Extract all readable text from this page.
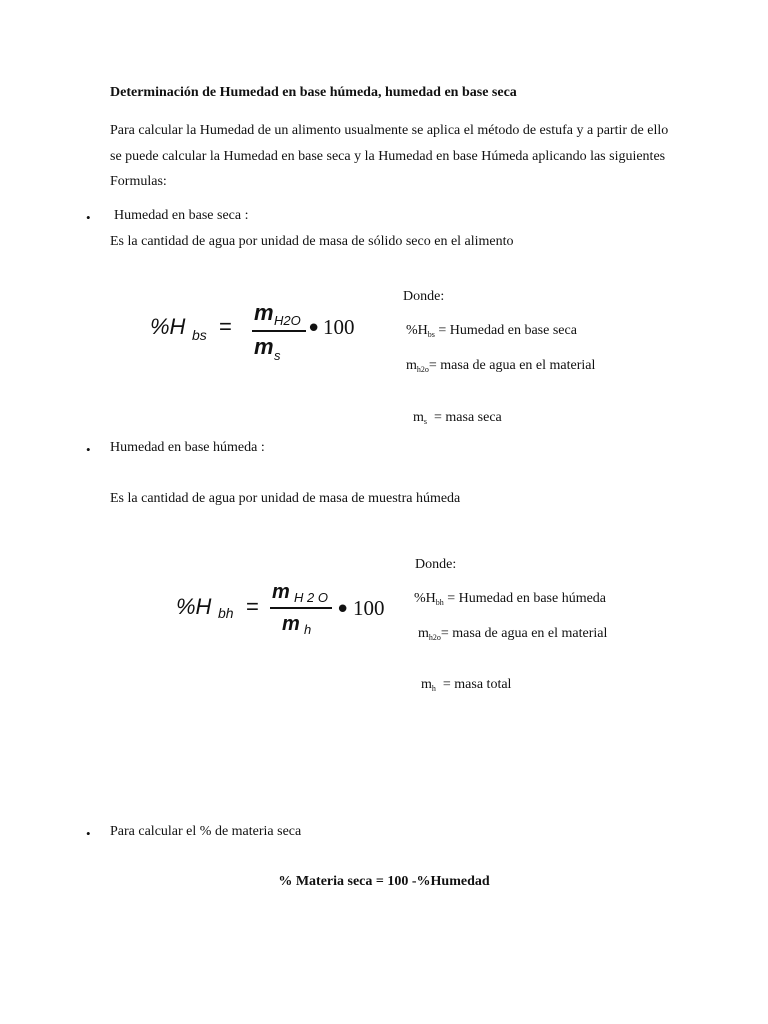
Determinación de Humedad en base húmeda, humedad en base seca
Para calcular la Humedad de un alimento usualmente se aplica el método de estufa y a partir de ello se puede calcular la Humedad en base seca y la Humedad en base Húmeda aplicando las siguientes Formulas:
• Humedad en base seca :
Es la cantidad de agua por unidad de masa de sólido seco en el alimento
%H bs =
m H2O
m s
• 100
Donde:
$\%H_{bs}$ = Humedad en base seca
$m_{h2o}=$ masa de agua en el material

$m_s$  = masa seca

• Humedad en base húmeda :
Es la cantidad de agua por unidad de masa de muestra húmeda
%H bh =
m H 2 O
m h
• 100
Donde:
$\%H_{bh}$ = Humedad en base húmeda
$m_{h2o}=$ masa de agua en el material

$m_h$  = masa total

• Para calcular el % de materia seca
% Materia seca = 100 -%Humedad
